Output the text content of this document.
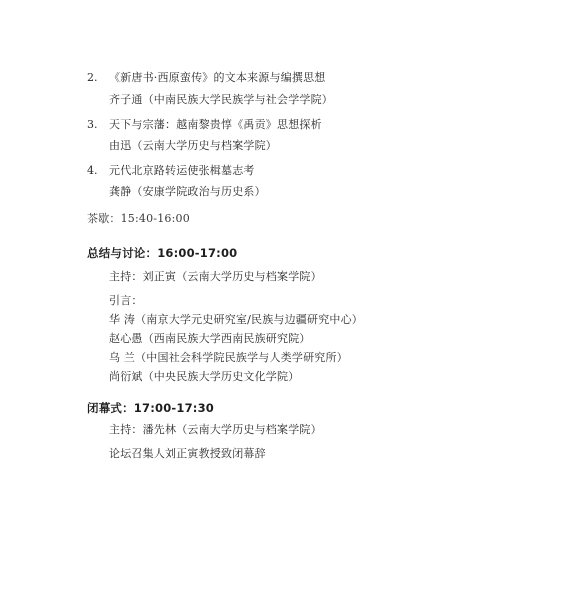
2. 《新唐书·西原蛮传》的文本来源与编撰思想
齐子通（中南民族大学民族学与社会学学院）
3. 天下与宗藩：越南黎贵惇《禹贡》思想探析
由迅（云南大学历史与档案学院）
4. 元代北京路转运使张楫墓志考
龚静（安康学院政治与历史系）
茶歇：15:40-16:00
总结与讨论：16:00-17:00
主持：刘正寅（云南大学历史与档案学院）
引言：
华 涛（南京大学元史研究室/民族与边疆研究中心）
赵心愚（西南民族大学西南民族研究院）
乌 兰（中国社会科学院民族学与人类学研究所）
尚衍斌（中央民族大学历史文化学院）
闭幕式：17:00-17:30
主持：潘先林（云南大学历史与档案学院）
论坛召集人刘正寅教授致闭幕辞
